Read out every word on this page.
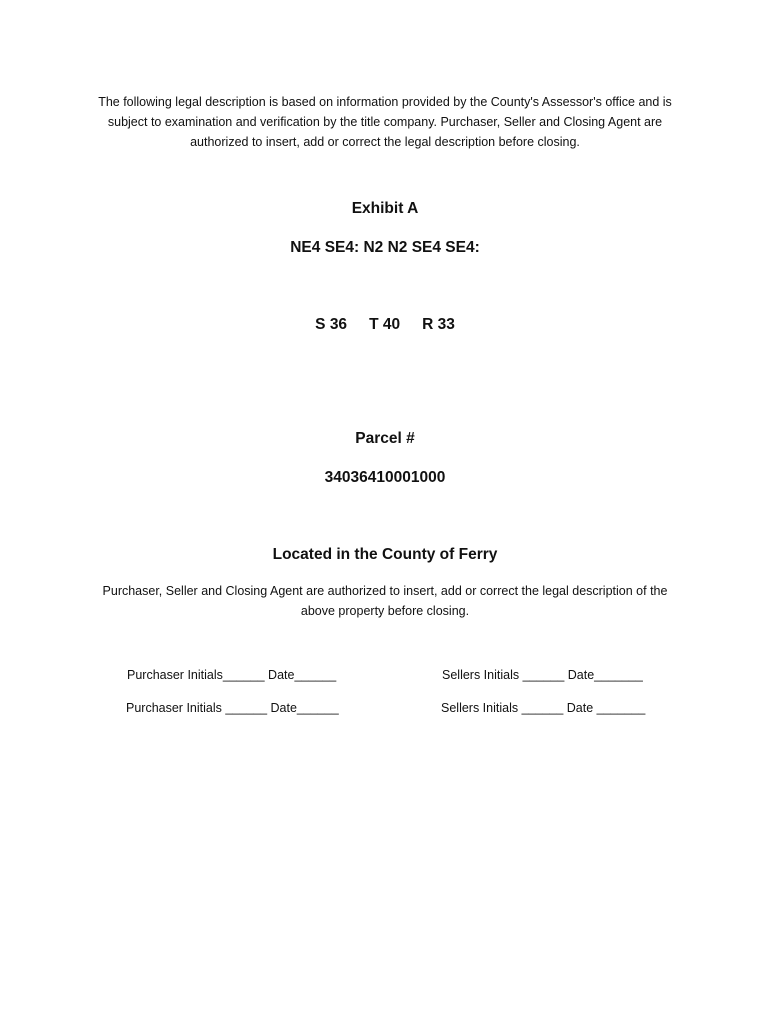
The following legal description is based on information provided by the County's Assessor's office and is subject to examination and verification by the title company. Purchaser, Seller and Closing Agent are authorized to insert, add or correct the legal description before closing.
Exhibit A
NE4 SE4: N2 N2 SE4 SE4:
S 36 T 40 R 33
Parcel #
34036410001000
Located in the County of Ferry
Purchaser, Seller and Closing Agent are authorized to insert, add or correct the legal description of the above property before closing.
Purchaser Initials______ Date______
Purchaser Initials ______ Date______
Sellers Initials ______ Date_______
Sellers Initials ______ Date _______
